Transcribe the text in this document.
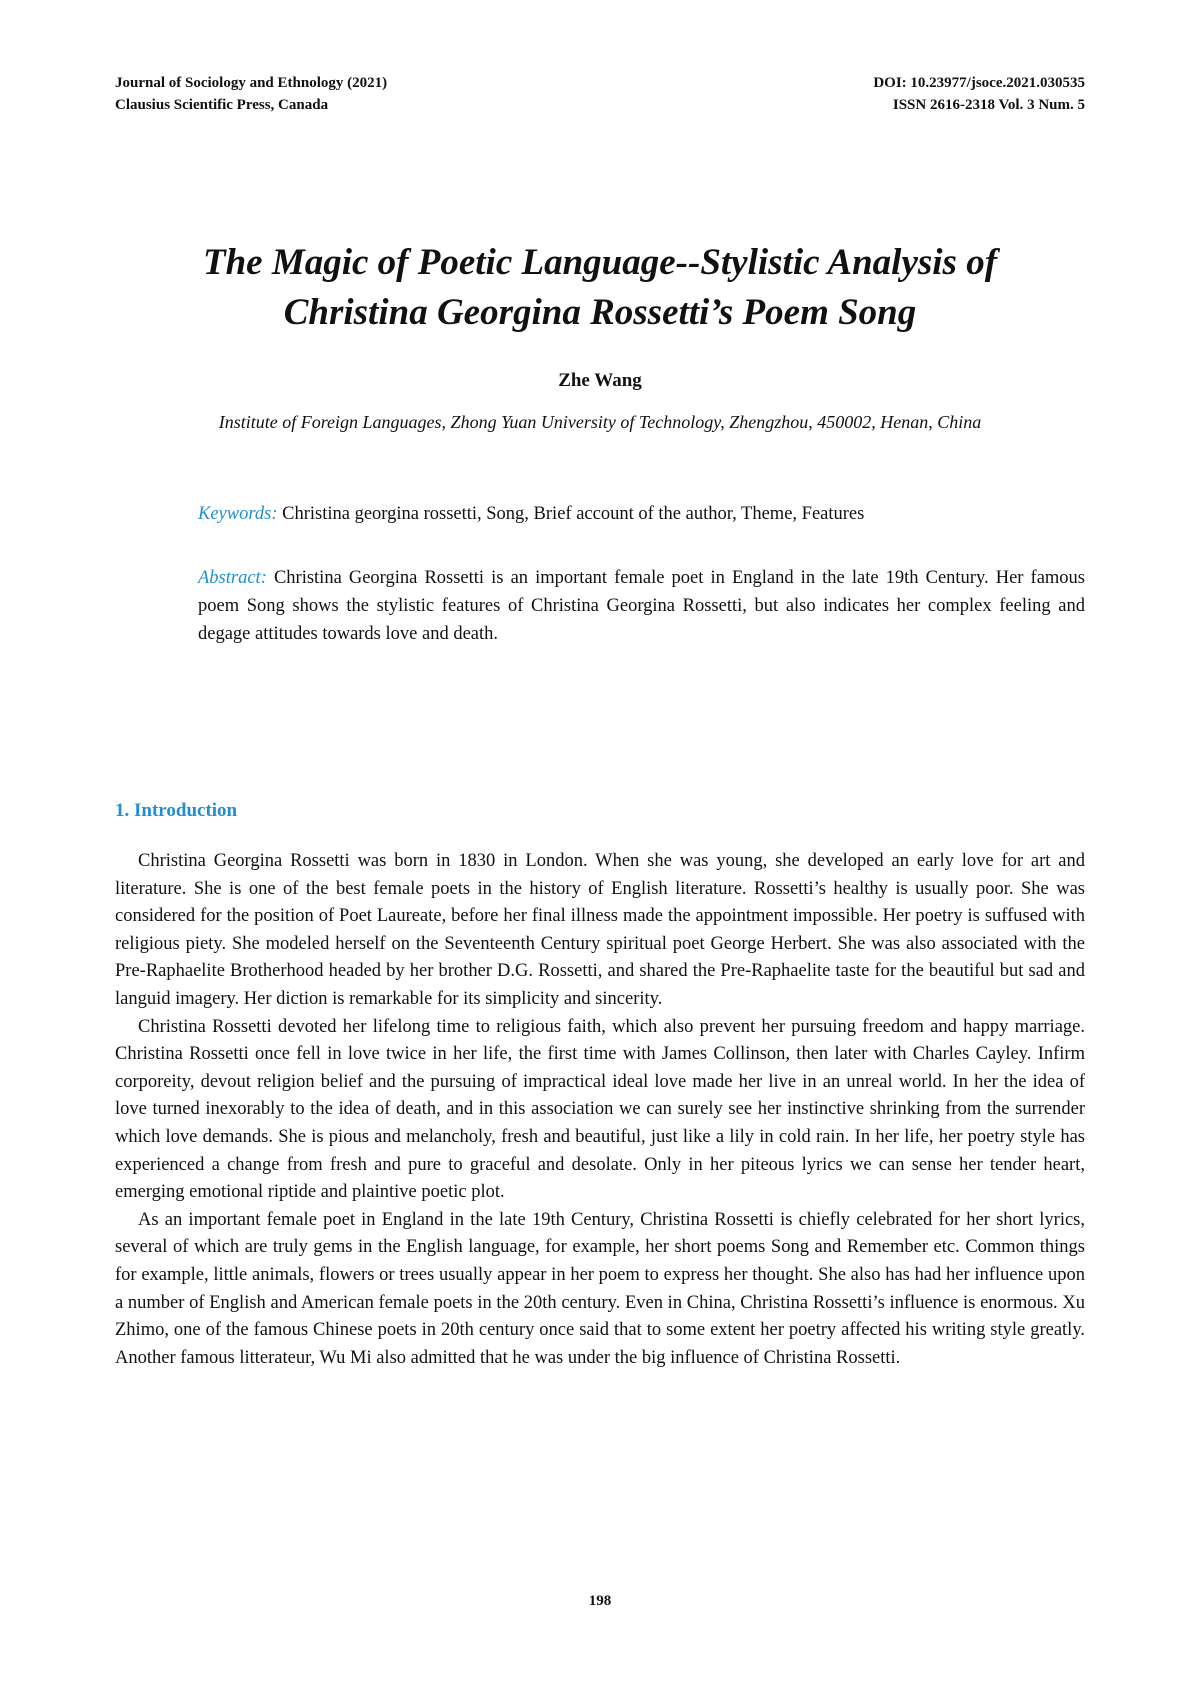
Journal of Sociology and Ethnology (2021)
Clausius Scientific Press, Canada
DOI: 10.23977/jsoce.2021.030535
ISSN 2616-2318 Vol. 3 Num. 5
The Magic of Poetic Language--Stylistic Analysis of
Christina Georgina Rossetti’s Poem Song
Zhe Wang
Institute of Foreign Languages, Zhong Yuan University of Technology, Zhengzhou, 450002, Henan, China
Keywords: Christina georgina rossetti, Song, Brief account of the author, Theme, Features
Abstract: Christina Georgina Rossetti is an important female poet in England in the late 19th Century. Her famous poem Song shows the stylistic features of Christina Georgina Rossetti, but also indicates her complex feeling and degage attitudes towards love and death.
1. Introduction

Christina Georgina Rossetti was born in 1830 in London. When she was young, she developed an early love for art and literature. She is one of the best female poets in the history of English literature. Rossetti’s healthy is usually poor. She was considered for the position of Poet Laureate, before her final illness made the appointment impossible. Her poetry is suffused with religious piety. She modeled herself on the Seventeenth Century spiritual poet George Herbert. She was also associated with the Pre-Raphaelite Brotherhood headed by her brother D.G. Rossetti, and shared the Pre-Raphaelite taste for the beautiful but sad and languid imagery. Her diction is remarkable for its simplicity and sincerity.

Christina Rossetti devoted her lifelong time to religious faith, which also prevent her pursuing freedom and happy marriage. Christina Rossetti once fell in love twice in her life, the first time with James Collinson, then later with Charles Cayley. Infirm corporeity, devout religion belief and the pursuing of impractical ideal love made her live in an unreal world. In her the idea of love turned inexorably to the idea of death, and in this association we can surely see her instinctive shrinking from the surrender which love demands. She is pious and melancholy, fresh and beautiful, just like a lily in cold rain. In her life, her poetry style has experienced a change from fresh and pure to graceful and desolate. Only in her piteous lyrics we can sense her tender heart, emerging emotional riptide and plaintive poetic plot.

As an important female poet in England in the late 19th Century, Christina Rossetti is chiefly celebrated for her short lyrics, several of which are truly gems in the English language, for example, her short poems Song and Remember etc. Common things for example, little animals, flowers or trees usually appear in her poem to express her thought. She also has had her influence upon a number of English and American female poets in the 20th century. Even in China, Christina Rossetti’s influence is enormous. Xu Zhimo, one of the famous Chinese poets in 20th century once said that to some extent her poetry affected his writing style greatly. Another famous litterateur, Wu Mi also admitted that he was under the big influence of Christina Rossetti.

198
